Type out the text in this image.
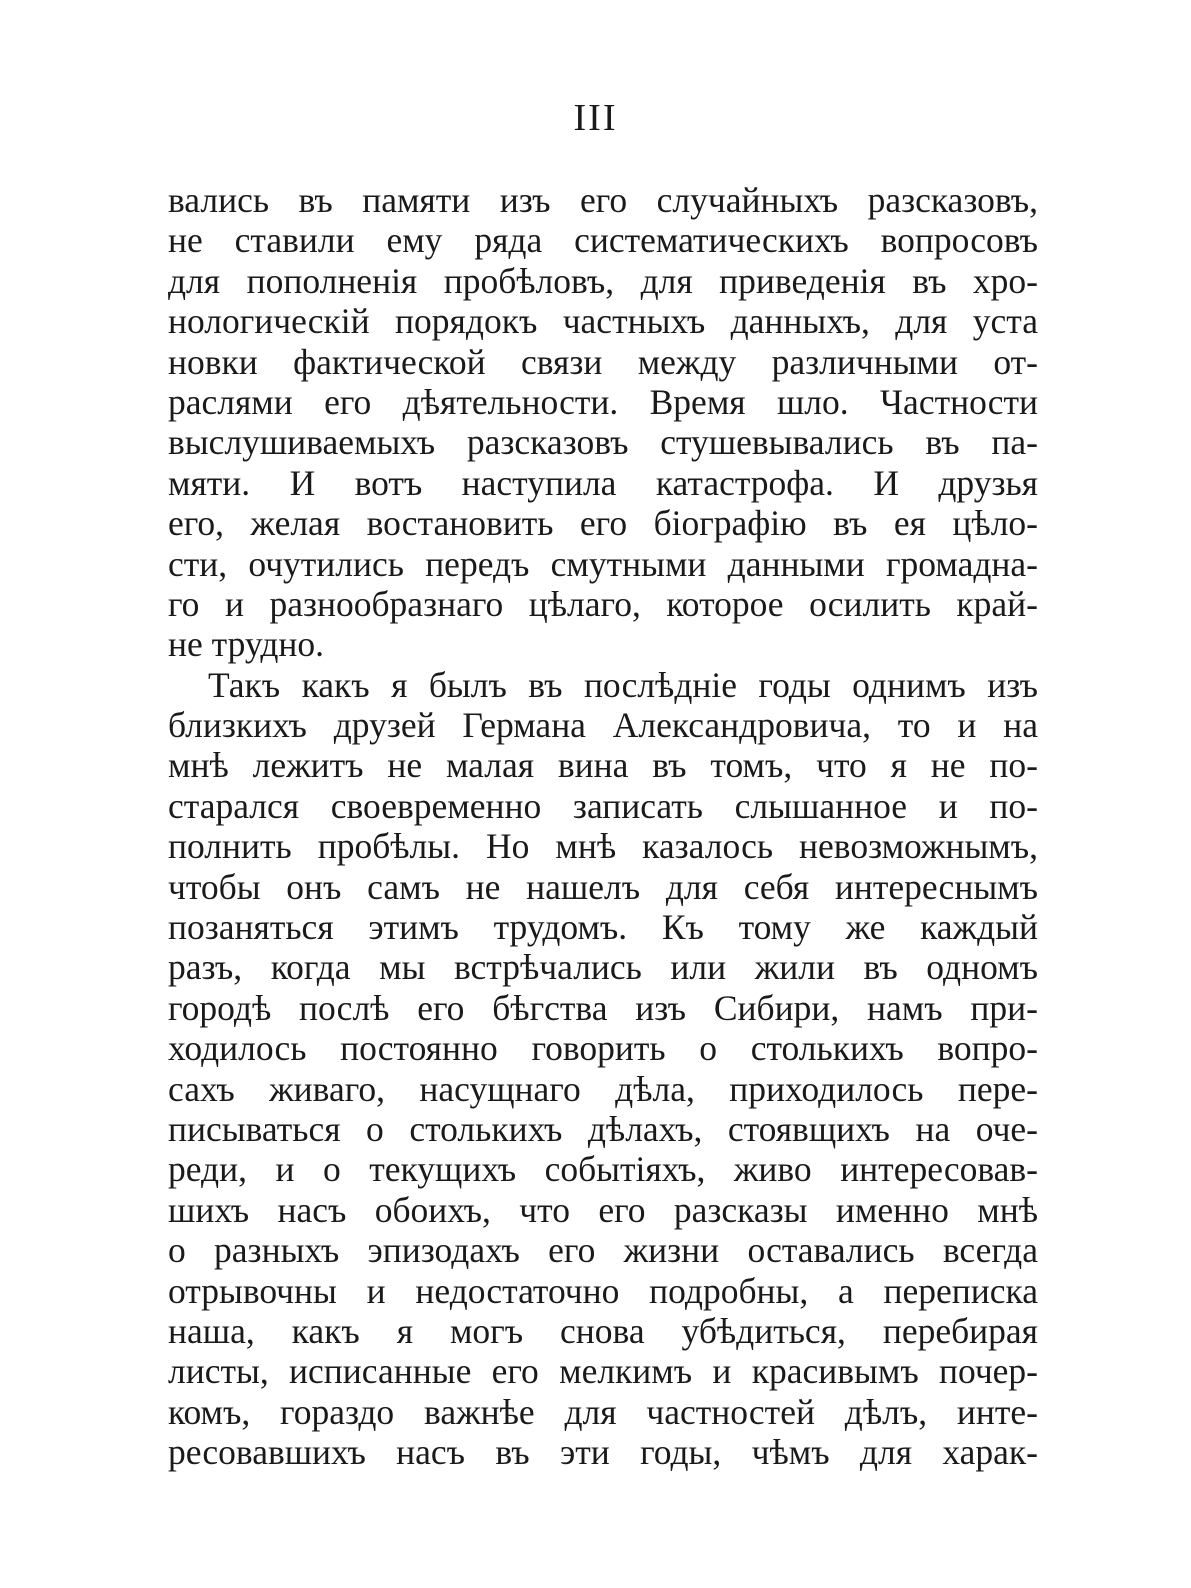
III
вались въ памяти изъ его случайныхъ разсказовъ,
не ставили ему ряда систематическихъ вопросовъ
для пополненія пробѣловъ, для приведенія въ хро-
нологическій порядокъ частныхъ данныхъ, для уста
новки фактической связи между различными от-
раслями его дѣятельности. Время шло. Частности
выслушиваемыхъ разсказовъ стушевывались въ па-
мяти. И вотъ наступила катастрофа. И друзья
его, желая востановить его біографію въ ея цѣло-
сти, очутились передъ смутными данными громадна-
го и разнообразнаго цѣлаго, которое осилить край-
не трудно.
Такъ какъ я былъ въ послѣдніе годы однимъ изъ
близкихъ друзей Германа Александровича, то и на
мнѣ лежитъ не малая вина въ томъ, что я не по-
старался своевременно записать слышанное и по-
полнить пробѣлы. Но мнѣ казалось невозможнымъ,
чтобы онъ самъ не нашелъ для себя интереснымъ
позаняться этимъ трудомъ. Къ тому же каждый
разъ, когда мы встрѣчались или жили въ одномъ
городѣ послѣ его бѣгства изъ Сибири, намъ при-
ходилось постоянно говорить о столькихъ вопро-
сахъ живаго, насущнаго дѣла, приходилось пере-
писываться о столькихъ дѣлахъ, стоявщихъ на оче-
реди, и о текущихъ событіяхъ, живо интересовав-
шихъ насъ обоихъ, что его разсказы именно мнѣ
о разныхъ эпизодахъ его жизни оставались всегда
отрывочны и недостаточно подробны, а переписка
наша, какъ я могъ снова убѣдиться, перебирая
листы, исписанные его мелкимъ и красивымъ почер-
комъ, гораздо важнѣе для частностей дѣлъ, инте-
ресовавшихъ насъ въ эти годы, чѣмъ для харак-
